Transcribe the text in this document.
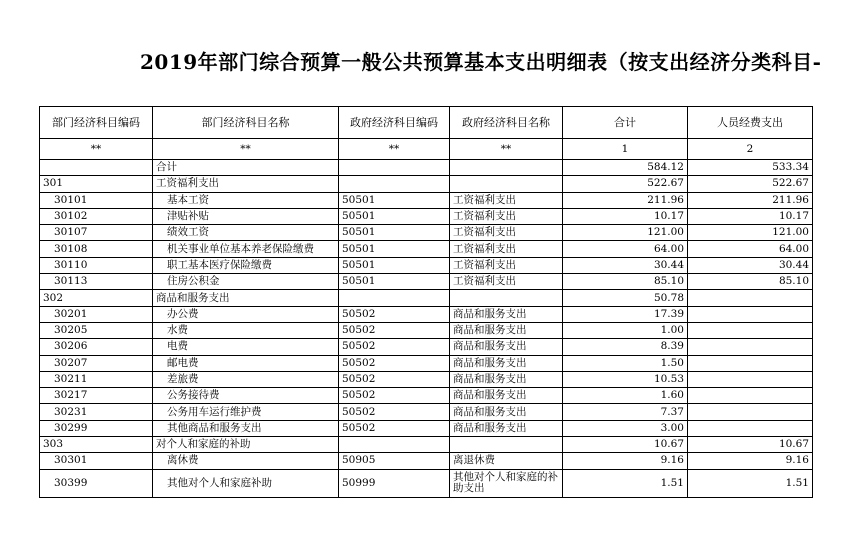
2019年部门综合预算一般公共预算基本支出明细表（按支出经济分类科目-
部门经济科目编码	部门经济科目名称	政府经济科目编码	政府经济科目名称	合计	人员经费支出
**	**	**	**	1	2
	合计			584.12	533.34
301	工资福利支出			522.67	522.67
30101	基本工资	50501	工资福利支出	211.96	211.96
30102	津贴补贴	50501	工资福利支出	10.17	10.17
30107	绩效工资	50501	工资福利支出	121.00	121.00
30108	机关事业单位基本养老保险缴费	50501	工资福利支出	64.00	64.00
30110	职工基本医疗保险缴费	50501	工资福利支出	30.44	30.44
30113	住房公积金	50501	工资福利支出	85.10	85.10
302	商品和服务支出			50.78	
30201	办公费	50502	商品和服务支出	17.39	
30205	水费	50502	商品和服务支出	1.00	
30206	电费	50502	商品和服务支出	8.39	
30207	邮电费	50502	商品和服务支出	1.50	
30211	差旅费	50502	商品和服务支出	10.53	
30217	公务接待费	50502	商品和服务支出	1.60	
30231	公务用车运行维护费	50502	商品和服务支出	7.37	
30299	其他商品和服务支出	50502	商品和服务支出	3.00	
303	对个人和家庭的补助			10.67	10.67
30301	离休费	50905	离退休费	9.16	9.16
30399	其他对个人和家庭补助	50999	其他对个人和家庭的补助支出	1.51	1.51
